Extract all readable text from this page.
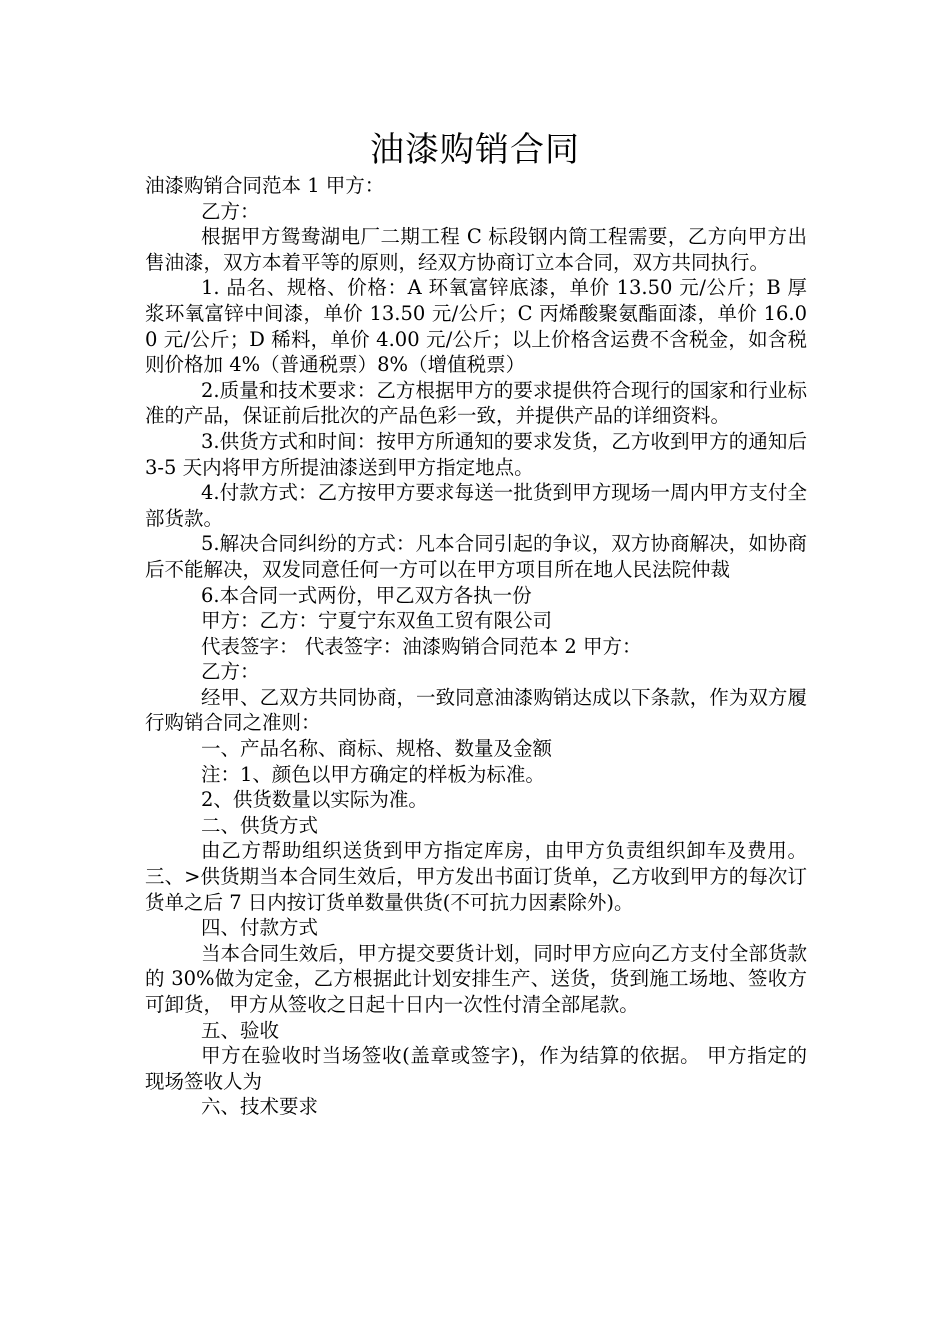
油漆购销合同

油漆购销合同范本 1 甲方：

乙方：

根据甲方鸳鸯湖电厂二期工程 C 标段钢内筒工程需要，乙方向甲方出售油漆，双方本着平等的原则，经双方协商订立本合同，双方共同执行。

1. 品名、规格、价格：A 环氧富锌底漆，单价 13.50 元/公斤；B 厚浆环氧富锌中间漆，单价 13.50 元/公斤；C 丙烯酸聚氨酯面漆，单价 16.00 元/公斤；D 稀料，单价 4.00 元/公斤；以上价格含运费不含税金，如含税则价格加 4%（普通税票）8%（增值税票）

2.质量和技术要求：乙方根据甲方的要求提供符合现行的国家和行业标准的产品，保证前后批次的产品色彩一致，并提供产品的详细资料。

3.供货方式和时间：按甲方所通知的要求发货，乙方收到甲方的通知后 3-5 天内将甲方所提油漆送到甲方指定地点。

4.付款方式：乙方按甲方要求每送一批货到甲方现场一周内甲方支付全部货款。

5.解决合同纠纷的方式：凡本合同引起的争议，双方协商解决，如协商后不能解决，双发同意任何一方可以在甲方项目所在地人民法院仲裁

6.本合同一式两份，甲乙双方各执一份

甲方：乙方：宁夏宁东双鱼工贸有限公司

代表签字： 代表签字：油漆购销合同范本 2 甲方：

乙方：

经甲、乙双方共同协商，一致同意油漆购销达成以下条款，作为双方履行购销合同之准则：

一、产品名称、商标、规格、数量及金额

注：1、颜色以甲方确定的样板为标准。

2、供货数量以实际为准。

二、供货方式

由乙方帮助组织送货到甲方指定库房，由甲方负责组织卸车及费用。三、>供货期当本合同生效后，甲方发出书面订货单，乙方收到甲方的每次订货单之后 7 日内按订货单数量供货(不可抗力因素除外)。

四、付款方式

当本合同生效后，甲方提交要货计划，同时甲方应向乙方支付全部货款的 30%做为定金，乙方根据此计划安排生产、送货，货到施工场地、签收方可卸货， 甲方从签收之日起十日内一次性付清全部尾款。

五、验收

甲方在验收时当场签收(盖章或签字)，作为结算的依据。 甲方指定的现场签收人为

六、技术要求
